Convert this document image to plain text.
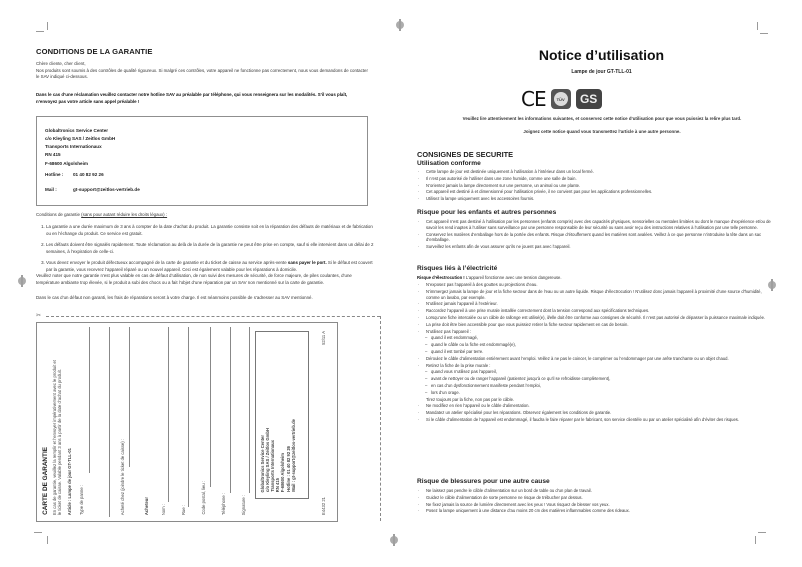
CONDITIONS DE LA GARANTIE
Chère cliente, cher client,
Nos produits sont soumis à des contrôles de qualité rigoureux. Si malgré ces contrôles, votre appareil ne fonctionne pas correctement, nous vous demandons de contacter le SAV indiqué ci-dessous.
Dans le cas d’une réclamation veuillez contacter notre hotline SAV au préalable par téléphone, qui vous renseignera sur les modalités. S’il vous plaît, n’envoyez pas votre article sans appel préalable !
Globaltronics Service Center
c/o Kleyling SAS / Zeitlos GmbH
Transports Internationaux
RN 415
F-68600 Algolsheim
Hotline : 01 40 82 92 26
Mail :	gt-support@zeitlos-vertrieb.de
Conditions de garantie (sans pour autant réduire les droits légaux) :
1. La garantie a une durée maximum de 3 ans à compter de la date d’achat du produit. La garantie consiste soit en la réparation des défauts de matériaux et de fabrication ou en l’échange du produit. Ce service est gratuit.
2. Les défauts doivent être signalés rapidement. Toute réclamation au delà de la durée de la garantie ne peut être prise en compte, sauf si elle intervient dans un délai de 2 semaines, à l’expiration de celle-ci.
3. Vous devez envoyer le produit défectueux accompagné de la carte de garantie et du ticket de caisse au service après-vente sans payer le port. Si le défaut est couvert par la garantie, vous recevrez l’appareil réparé ou un nouvel appareil. Ceci est également valable pour les réparations à domicile.
Veuillez noter que notre garantie n’est plus valable en cas de défaut d’utilisation, de non suivi des mesures de sécurité, de force majeure, de piles coulantes, d’une température ambiante trop élevée, si le produit a subi des chocs ou a fait l’objet d’une réparation par un SAV non mentionné sur la carte de garantie.
Dans le cas d’un défaut non garanti, les frais de réparations seront à votre charge. Il est néanmoins possible de s’adresser au SAV mentionné.
✂
CARTE DE GARANTIE En cas de garantie, veuillez la remplir et l’envoyer impérativement avec le produit et le ticket de caisse. Valable pendant 3 ans à partir de la date d’achat du produit. Article : Lampe de jour GT-TLL-01 Type de panne :	Acheté chez (joindre le ticket de caisse) :	Acheteur	Nom :	Rue :	Code postal, lieu :	Téléphone :	Signature :
Globaltronics Service Center c/o Kleyling SAS / Zeitlos GmbH Transports Internationaux RN 415 F-68600 Algolsheim Hotline : 01 40 82 92 26 Mail : gt-support@zeitlos-vertrieb.de
E4432 21
52/11 A
Notice d’utilisation
Lampe de jour GT-TLL-01
CE	TÜV	GS
Veuillez lire attentivement les informations suivantes, et conservez cette notice d’utilisation pour que vous puissiez la relire plus tard.
Joignez cette notice quand vous transmettez l’article à une autre personne.
CONSIGNES DE SECURITE
Utilisation conforme
· Cette lampe de jour est destinée uniquement à l’utilisation à l’intérieur dans un local fermé.
· Il n’est pas autorisé de l’utiliser dans une zone humide, comme une salle de bain.
· N’orientez jamais la lampe directement sur une personne, un animal ou une plante.
· Cet appareil est destiné à et dimensionné pour l’utilisation privée, il ne convient pas pour les applications professionnelles.
· Utilisez la lampe uniquement avec les accessoires fournis.
Risque pour les enfants et autres personnes
· Cet appareil n’est pas destiné à l’utilisation par les personnes (enfants compris) avec des capacités physiques, sensorielles ou mentales limitées ou dont le manque d’expérience et/ou de savoir les rend inaptes à l’utiliser sans surveillance par une personne responsable de leur sécurité ou sans avoir reçu des instructions relatives à l’utilisation par une telle personne.
· Conservez les matières d’emballage hors de la portée des enfants. Risque d’étouffement quand les matières sont avalées. Veillez à ce que personne n’introduise la tête dans un sac d’emballage.
· Surveillez les enfants afin de vous assurer qu’ils ne jouent pas avec l’appareil.
Risques liés à l’électricité
Risque d’électrocution ! L’appareil fonctionne avec une tension dangereuse.
· N’exposez pas l’appareil à des gouttes ou projections d’eau.
· N’immergez jamais la lampe de jour et la fiche secteur dans de l’eau ou un autre liquide. Risque d’électrocution ! N’utilisez donc jamais l’appareil à proximité d’une source d’humidité, comme un lavabo, par exemple.
· N’utilisez jamais l’appareil à l’extérieur.
· Raccordez l’appareil à une prise murale installée correctement dont la tension correspond aux spécifications techniques.
· Lorsqu’une fiche intercalée ou un câble de rallonge est utilisé(e), il/elle doit être conforme aux consignes de sécurité. Il n’est pas autorisé de dépasser la puissance maximale indiquée.
· La prise doit être bien accessible pour que vous puissiez retirer la fiche secteur rapidement en cas de besoin.
· N’utilisez pas l’appareil :
– quand il est endommagé,
– quand le câble ou la fiche est endommagé(e),
– quand il est tombé par terre.
· Déroulez le câble d’alimentation entièrement avant l’emploi. Veillez à ne pas le coincer, le comprimer ou l’endommager par une arête tranchante ou un objet chaud.
· Retirez la fiche de la prise murale :
– quand vous n’utilisez pas l’appareil,
– avant de nettoyer ou de ranger l’appareil (patientez jusqu’à ce qu’il se refroidisse complètement),
– en cas d’un dysfonctionnement manifeste pendant l’emploi,
– lors d’un orage.
Tirez toujours par la fiche, non pas par le câble.
· Ne modifiez en rien l’appareil ou le câble d’alimentation.
· Mandatez un atelier spécialisé pour les réparations. Observez également les conditions de garantie.
· Si le câble d’alimentation de l’appareil est endommagé, il faudra le faire réparer par le fabricant, son service clientèle ou par un atelier spécialisé afin d’éviter des risques.
Risque de blessures pour une autre cause
· Ne laissez pas pendre le câble d’alimentation sur un bord de table ou d’un plan de travail.
· Guidez le câble d’alimentation de sorte personne ne risque de trébucher par dessus.
· Ne fixez jamais la source de lumière directement avec les yeux ! Vous risquez de blesser vos yeux.
· Posez la lampe uniquement à une distance d’au moins 20 cm des matières inflammables comme des rideaux.
